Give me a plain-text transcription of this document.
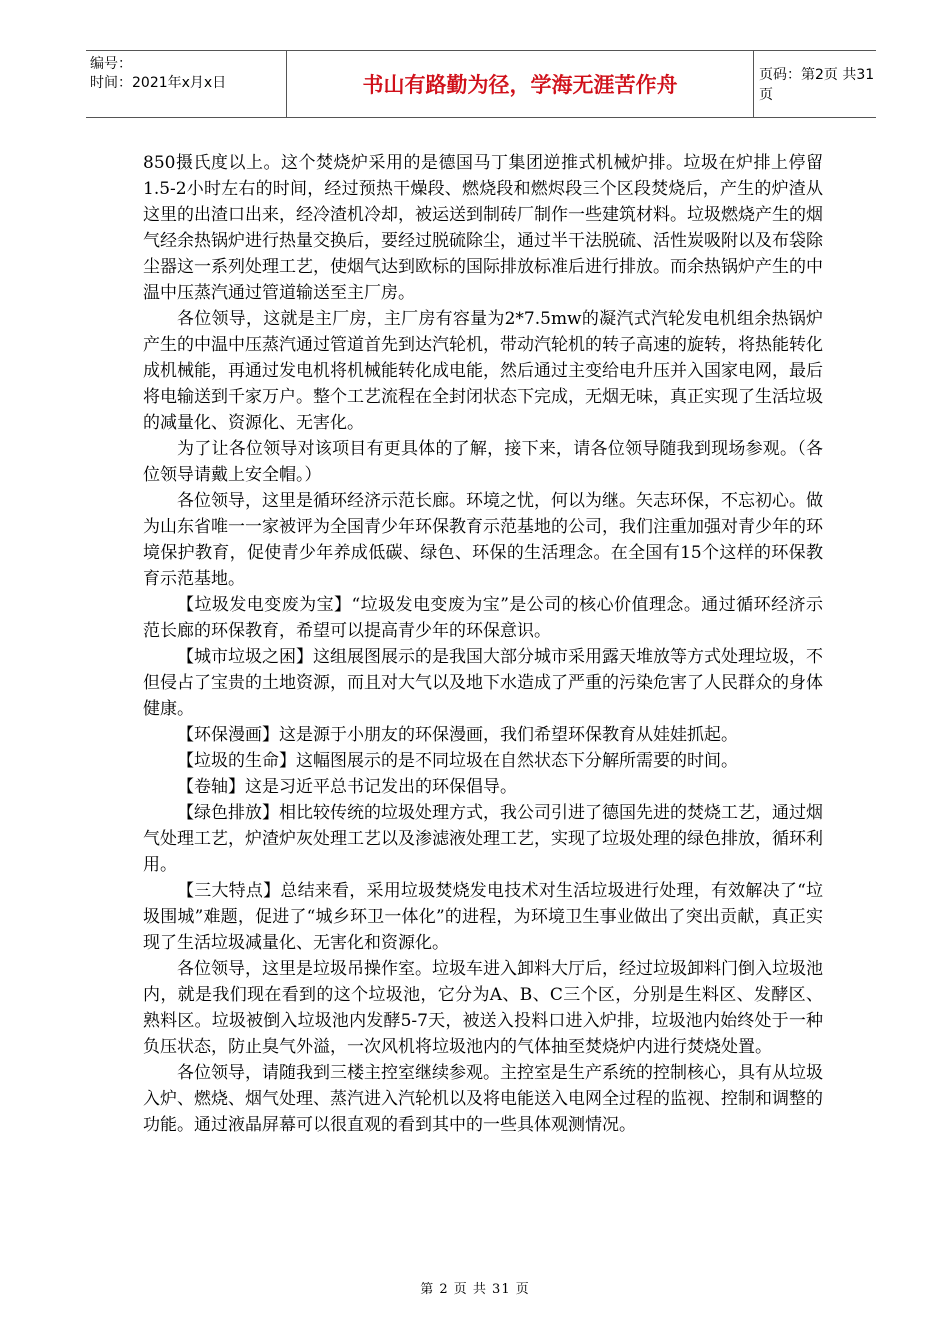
编号：
时间：2021年x月x日	书山有路勤为径，学海无涯苦作舟	页码：第2页 共31页

850摄氏度以上。这个焚烧炉采用的是德国马丁集团逆推式机械炉排。垃圾在炉排上停留1.5-2小时左右的时间，经过预热干燥段、燃烧段和燃烬段三个区段焚烧后，产生的炉渣从这里的出渣口出来，经冷渣机冷却，被运送到制砖厂制作一些建筑材料。垃圾燃烧产生的烟气经余热锅炉进行热量交换后，要经过脱硫除尘，通过半干法脱硫、活性炭吸附以及布袋除尘器这一系列处理工艺，使烟气达到欧标的国际排放标准后进行排放。而余热锅炉产生的中温中压蒸汽通过管道输送至主厂房。

各位领导，这就是主厂房，主厂房有容量为2*7.5mw的凝汽式汽轮发电机组余热锅炉产生的中温中压蒸汽通过管道首先到达汽轮机，带动汽轮机的转子高速的旋转，将热能转化成机械能，再通过发电机将机械能转化成电能，然后通过主变给电升压并入国家电网，最后将电输送到千家万户。整个工艺流程在全封闭状态下完成，无烟无味，真正实现了生活垃圾的减量化、资源化、无害化。

为了让各位领导对该项目有更具体的了解，接下来，请各位领导随我到现场参观。（各位领导请戴上安全帽。）

各位领导，这里是循环经济示范长廊。环境之忧，何以为继。矢志环保，不忘初心。做为山东省唯一一家被评为全国青少年环保教育示范基地的公司，我们注重加强对青少年的环境保护教育，促使青少年养成低碳、绿色、环保的生活理念。在全国有15个这样的环保教育示范基地。

【垃圾发电变废为宝】“垃圾发电变废为宝”是公司的核心价值理念。通过循环经济示范长廊的环保教育，希望可以提高青少年的环保意识。

【城市垃圾之困】这组展图展示的是我国大部分城市采用露天堆放等方式处理垃圾，不但侵占了宝贵的土地资源，而且对大气以及地下水造成了严重的污染危害了人民群众的身体健康。

【环保漫画】这是源于小朋友的环保漫画，我们希望环保教育从娃娃抓起。

【垃圾的生命】这幅图展示的是不同垃圾在自然状态下分解所需要的时间。

【卷轴】这是习近平总书记发出的环保倡导。

【绿色排放】相比较传统的垃圾处理方式，我公司引进了德国先进的焚烧工艺，通过烟气处理工艺，炉渣炉灰处理工艺以及渗滤液处理工艺，实现了垃圾处理的绿色排放，循环利用。

【三大特点】总结来看，采用垃圾焚烧发电技术对生活垃圾进行处理，有效解决了“垃圾围城”难题，促进了“城乡环卫一体化”的进程，为环境卫生事业做出了突出贡献，真正实现了生活垃圾减量化、无害化和资源化。

各位领导，这里是垃圾吊操作室。垃圾车进入卸料大厅后，经过垃圾卸料门倒入垃圾池内，就是我们现在看到的这个垃圾池，它分为A、B、C三个区，分别是生料区、发酵区、熟料区。垃圾被倒入垃圾池内发酵5-7天，被送入投料口进入炉排，垃圾池内始终处于一种负压状态，防止臭气外溢，一次风机将垃圾池内的气体抽至焚烧炉内进行焚烧处置。

各位领导，请随我到三楼主控室继续参观。主控室是生产系统的控制核心，具有从垃圾入炉、燃烧、烟气处理、蒸汽进入汽轮机以及将电能送入电网全过程的监视、控制和调整的功能。通过液晶屏幕可以很直观的看到其中的一些具体观测情况。

第 2 页 共 31 页
